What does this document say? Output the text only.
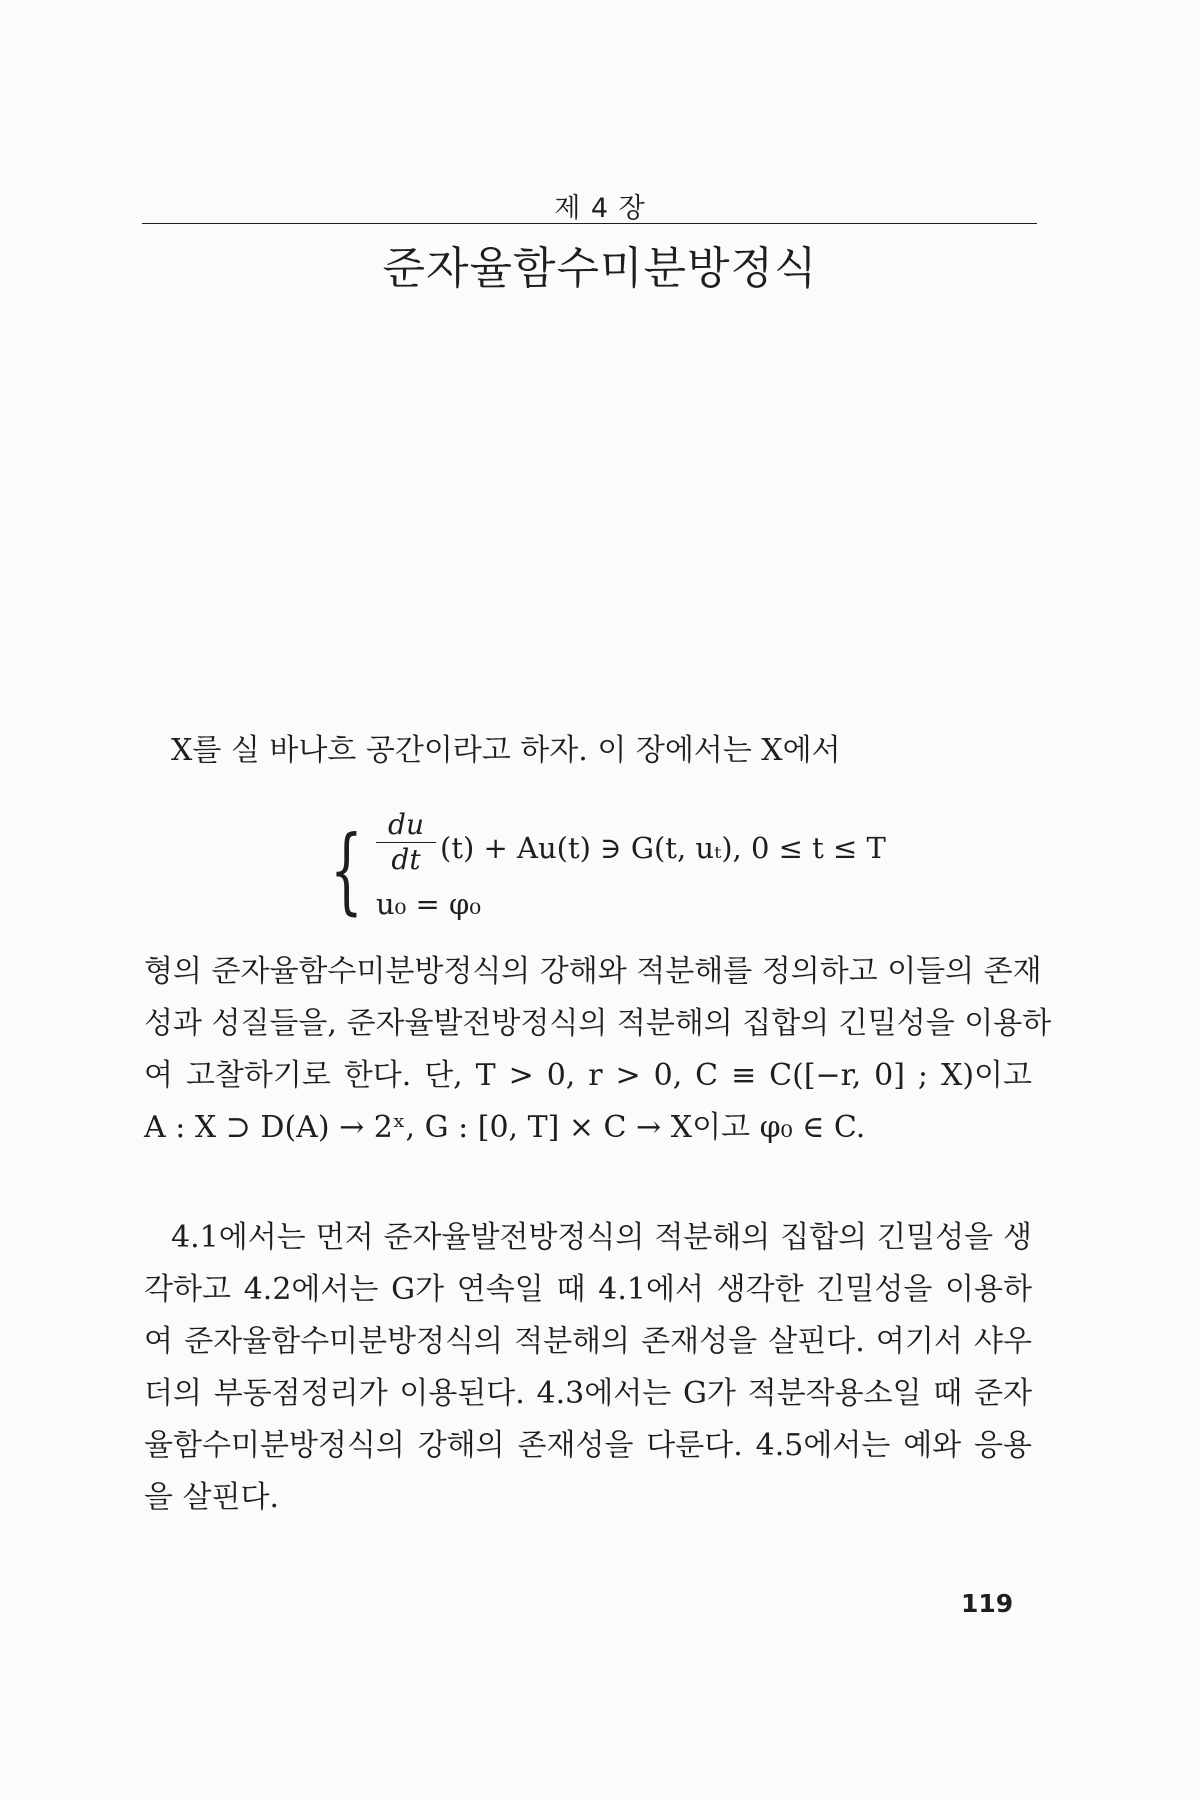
제 4 장
준자율함수미분방정식
X를 실 바나흐 공간이라고 하자. 이 장에서는 X에서
{ du
dt (t) + Au(t) ∋ G(t, uₜ), 0 ≤ t ≤ T
u₀ = φ₀
형의 준자율함수미분방정식의 강해와 적분해를 정의하고 이들의 존재
성과 성질들을, 준자율발전방정식의 적분해의 집합의 긴밀성을 이용하
여 고찰하기로 한다. 단, T > 0, r > 0, C ≡ C([−r, 0] ; X)이고
A : X ⊃ D(A) → 2ˣ, G : [0, T] × C → X이고 φ₀ ∈ C.
4.1에서는 먼저 준자율발전방정식의 적분해의 집합의 긴밀성을 생
각하고 4.2에서는 G가 연속일 때 4.1에서 생각한 긴밀성을 이용하
여 준자율함수미분방정식의 적분해의 존재성을 살핀다. 여기서 샤우
더의 부동점정리가 이용된다. 4.3에서는 G가 적분작용소일 때 준자
율함수미분방정식의 강해의 존재성을 다룬다. 4.5에서는 예와 응용
을 살핀다.
119
